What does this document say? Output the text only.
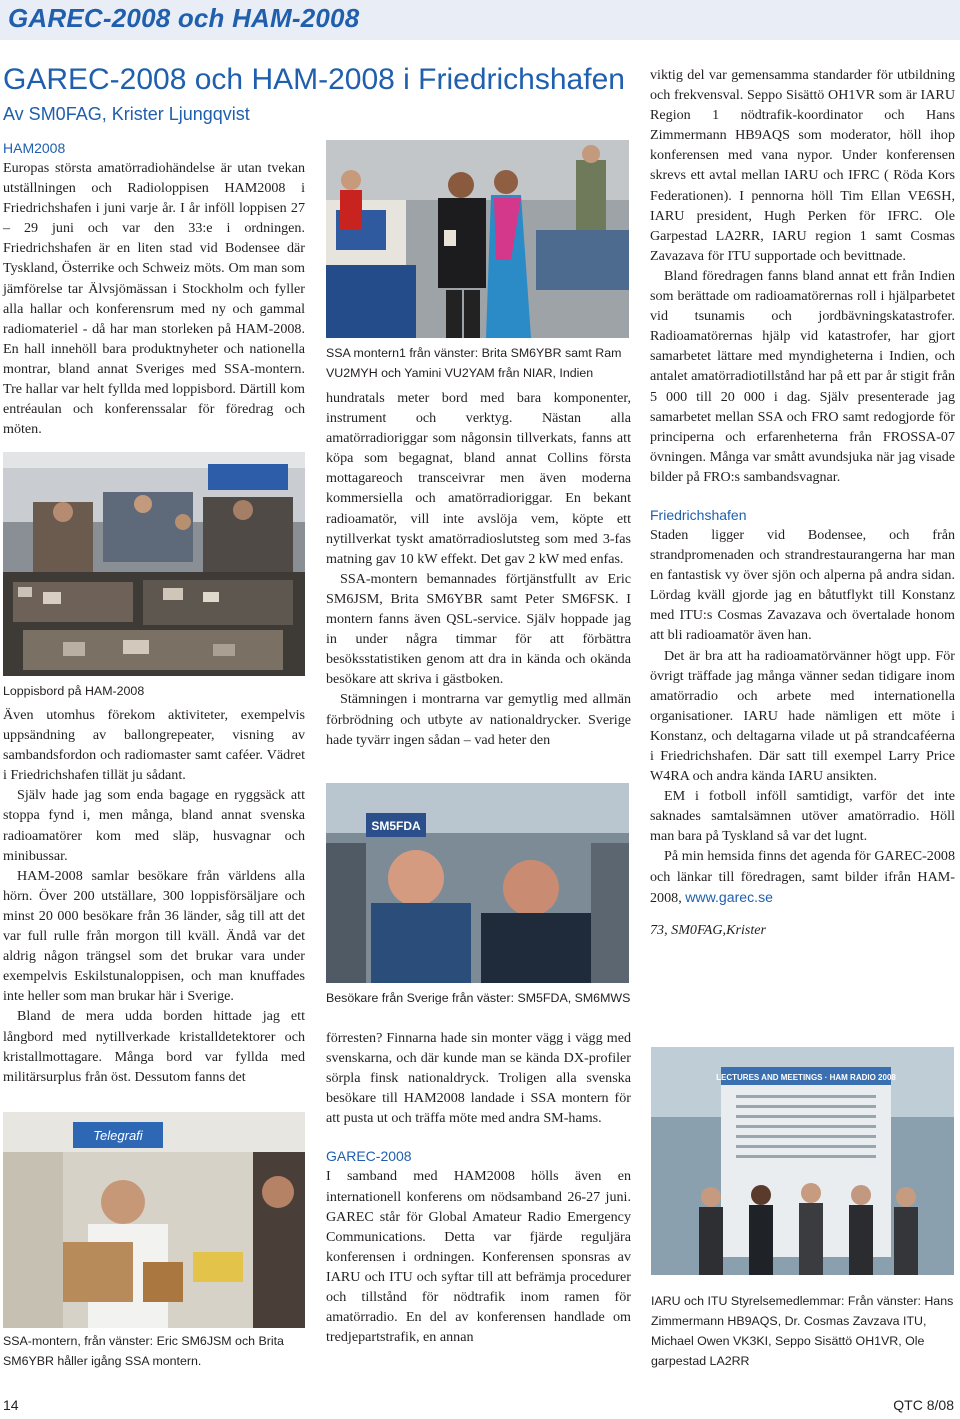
GAREC-2008 och HAM-2008
GAREC-2008 och HAM-2008 i Friedrichshafen
Av SM0FAG, Krister Ljungqvist
HAM2008

Europas största amatörradiohändelse är utan tvekan utställningen och Radioloppisen HAM2008 i Friedrichshafen i juni varje år. I år inföll loppisen 27 – 29 juni och var den 33:e i ordningen. Friedrichshafen är en liten stad vid Bodensee där Tyskland, Österrike och Schweiz möts. Om man som jämförelse tar Älvsjömässan i Stockholm och fyller alla hallar och konferensrum med ny och gammal radiomateriel - då har man storleken på HAM-2008. En hall innehöll bara produktnyheter och nationella montrar, bland annat Sveriges med SSA-montern. Tre hallar var helt fyllda med loppisbord. Därtill kom entréaulan och konferenssalar för föredrag och möten.

Loppisbord på HAM-2008

Även utomhus förekom aktiviteter, exempelvis uppsändning av ballongrepeater, visning av sambandsfordon och radiomaster samt caféer. Vädret i Friedrichshafen tillät ju sådant.

Själv hade jag som enda bagage en ryggsäck att stoppa fynd i, men många, bland annat svenska radioamatörer kom med släp, husvagnar och minibussar.

HAM-2008 samlar besökare från världens alla hörn. Över 200 utställare, 300 loppisförsäljare och minst 20 000 besökare från 36 länder, såg till att det var full rulle från morgon till kväll. Ändå var det aldrig någon trängsel som det brukar vara under exempelvis Eskilstunaloppisen, och man knuffades inte heller som man brukar här i Sverige.

Bland de mera udda borden hittade jag ett långbord med nytillverkade kristalldetektorer och kristallmottagare. Många bord var fyllda med militärsurplus från öst. Dessutom fanns det

Telegrafi
SSA-montern, från vänster: Eric SM6JSM och Brita SM6YBR håller igång SSA montern.
SSA montern1 från vänster: Brita SM6YBR samt Ram VU2MYH och Yamini VU2YAM från NIAR, Indien

hundratals meter bord med bara komponenter, instrument och verktyg. Nästan alla amatörradioriggar som någonsin tillverkats, fanns att köpa som begagnat, bland annat Collins första mottagareoch transceivrar men även moderna kommersiella och amatörradioriggar. En bekant radioamatör, vill inte avslöja vem, köpte ett nytillverkat tyskt amatörradioslutsteg som med 3-fas matning gav 10 kW effekt. Det gav 2 kW med enfas.

SSA-montern bemannades förtjänstfullt av Eric SM6JSM, Brita SM6YBR samt Peter SM6FSK. I montern fanns även QSL-service. Själv hoppade jag in under några timmar för att förbättra besöksstatistiken genom att dra in kända och okända besökare att skriva i gästboken.

Stämningen i montrarna var gemytlig med allmän förbrödning och utbyte av nationaldrycker. Sverige hade tyvärr ingen sådan – vad heter den

SM5FDA
Besökare från Sverige från väster: SM5FDA, SM6MWS

förresten? Finnarna hade sin monter vägg i vägg med svenskarna, och där kunde man se kända DX-profiler sörpla finsk nationaldryck. Troligen alla svenska besökare till HAM2008 landade i SSA montern för att pusta ut och träffa möte med andra SM-hams.

GAREC-2008

I samband med HAM2008 hölls även en internationell konferens om nödsamband 26-27 juni. GAREC står för Global Amateur Radio Emergency Communications. Detta var fjärde reguljära konferensen i ordningen. Konferensen sponsras av IARU och ITU och syftar till att befrämja procedurer och tillstånd för nödtrafik inom ramen för amatörradio. En del av konferensen handlade om tredjepartstrafik, en annan

viktig del var gemensamma standarder för utbildning och frekvensval. Seppo Sisättö OH1VR som är IARU Region 1 nödtrafik-koordinator och Hans Zimmermann HB9AQS som moderator, höll ihop konferensen med vana nypor. Under konferensen skrevs ett avtal mellan IARU och IFRC ( Röda Kors Federationen). I pennorna höll Tim Ellan VE6SH, IARU president, Hugh Perken för IFRC. Ole Garpestad LA2RR, IARU region 1 samt Cosmas Zavazava för ITU supportade och bevittnade.

Bland föredragen fanns bland annat ett från Indien som berättade om radioamatörernas roll i hjälparbetet vid tsunamis och jordbävningskatastrofer. Radioamatörernas hjälp vid katastrofer, har gjort samarbetet lättare med myndigheterna i Indien, och antalet amatörradiotillstånd har på ett par år stigit från 5 000 till 20 000 i dag. Själv presenterade jag samarbetet mellan SSA och FRO samt redogjorde för principerna och erfarenheterna från FROSSA-07 övningen. Många var smått avundsjuka när jag visade bilder på FRO:s sambandsvagnar.

Friedrichshafen

Staden ligger vid Bodensee, och från strandpromenaden och strandrestaurangerna har man en fantastisk vy över sjön och alperna på andra sidan. Lördag kväll gjorde jag en båtutflykt till Konstanz med ITU:s Cosmas Zavazava och övertalade honom att bli radioamatör även han.

Det är bra att ha radioamatörvänner högt upp. För övrigt träffade jag många vänner sedan tidigare inom amatörradio och arbete med internationella organisationer. IARU hade nämligen ett möte i Konstanz, och deltagarna vilade ut på strandcaféerna i Friedrichshafen. Där satt till exempel Larry Price W4RA och andra kända IARU ansikten.

EM i fotboll inföll samtidigt, varför det inte saknades samtalsämnen utöver amatörradio. Höll man bara på Tyskland så var det lugnt.

På min hemsida finns det agenda för GAREC-2008 och länkar till föredragen, samt bilder ifrån HAM-2008, www.garec.se

73, SM0FAG,Krister

LECTURES AND MEETINGS · HAM RADIO 2008
IARU och ITU Styrelsemedlemmar: Från vänster: Hans Zimmermann HB9AQS, Dr. Cosmas Zavzava ITU, Michael Owen VK3KI, Seppo Sisättö OH1VR, Ole garpestad LA2RR
14	QTC 8/08
